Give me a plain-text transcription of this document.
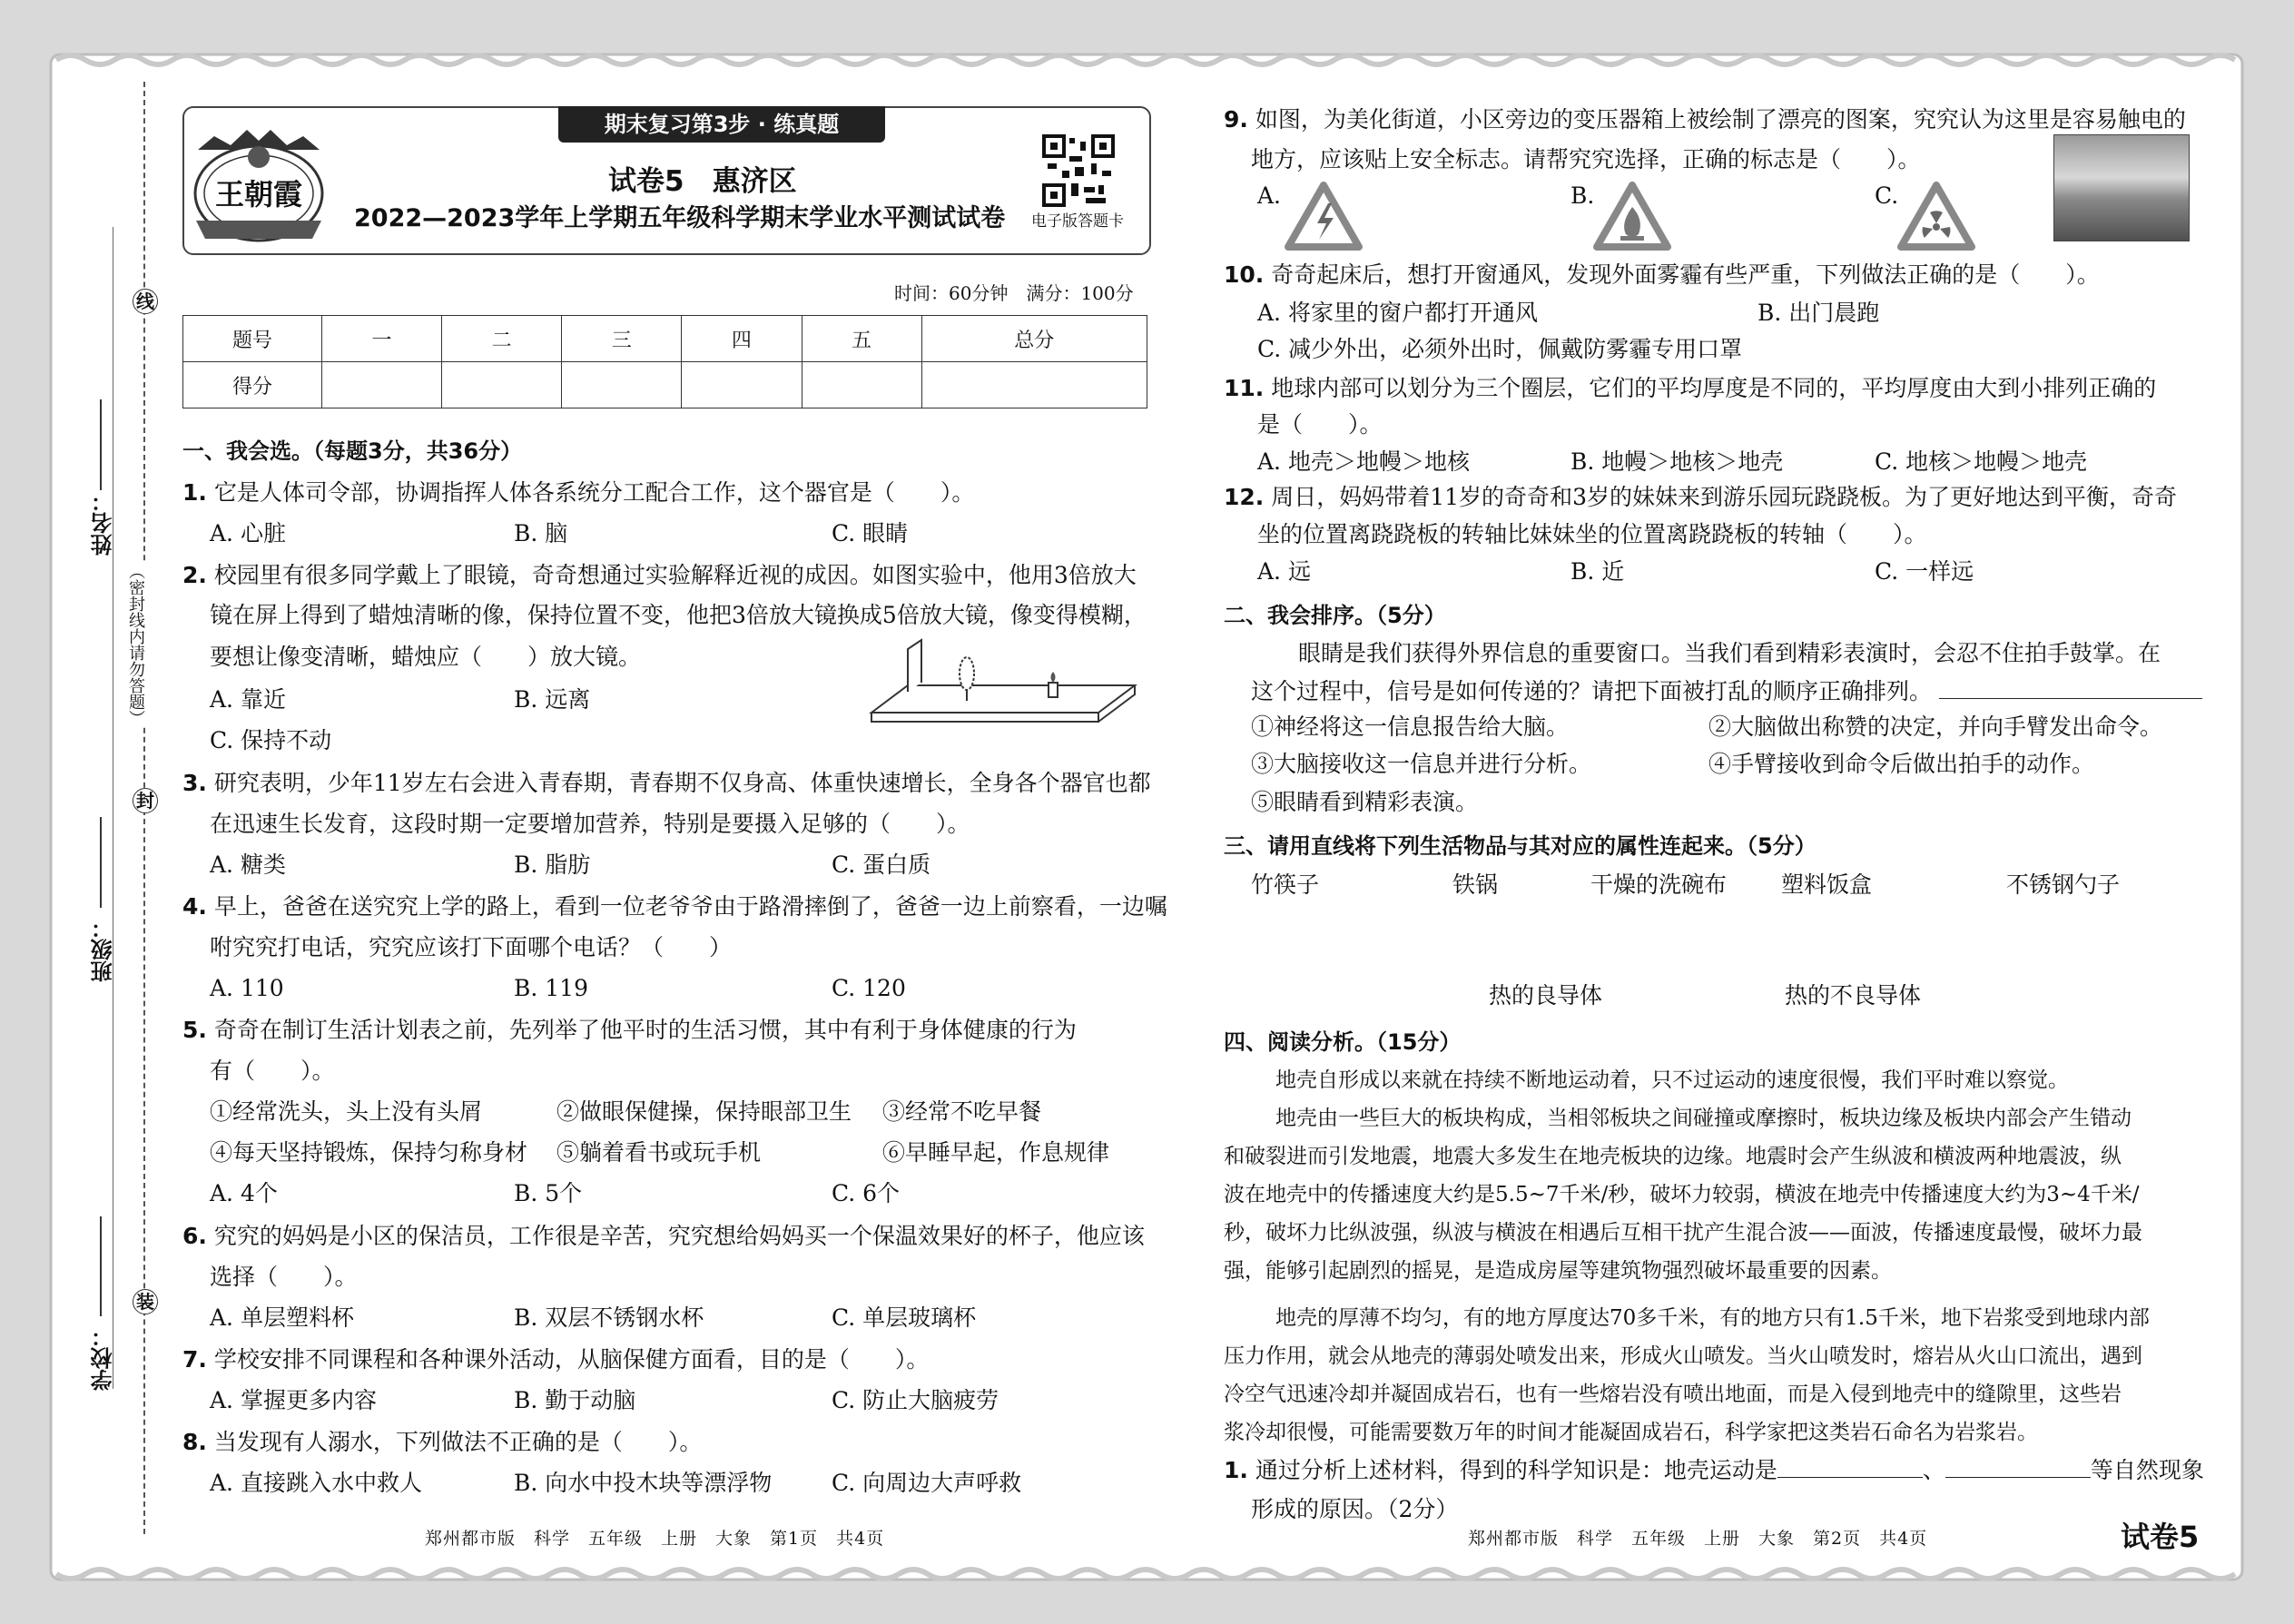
姓名：
班级：
学校：
线
封
装
（密封线内请勿答题）
王朝霞
期末复习第3步 · 练真题
试卷5　惠济区
2022—2023学年上学期五年级科学期末学业水平测试试卷 电子版答题卡
时间：60分钟　满分：100分
题号	一	二	三	四	五	总分
得分						
一、我会选。（每题3分，共36分）
1. 它是人体司令部，协调指挥人体各系统分工配合工作，这个器官是（　　）。
A. 心脏	B. 脑	C. 眼睛
2. 校园里有很多同学戴上了眼镜，奇奇想通过实验解释近视的成因。如图实验中，他用3倍放大
镜在屏上得到了蜡烛清晰的像，保持位置不变，他把3倍放大镜换成5倍放大镜，像变得模糊，
要想让像变清晰，蜡烛应（　　）放大镜。
A. 靠近	B. 远离
C. 保持不动
3. 研究表明，少年11岁左右会进入青春期，青春期不仅身高、体重快速增长，全身各个器官也都
在迅速生长发育，这段时期一定要增加营养，特别是要摄入足够的（　　）。
A. 糖类	B. 脂肪	C. 蛋白质
4. 早上，爸爸在送究究上学的路上，看到一位老爷爷由于路滑摔倒了，爸爸一边上前察看，一边嘱
咐究究打电话，究究应该打下面哪个电话？（　　）
A. 110	B. 119	C. 120
5. 奇奇在制订生活计划表之前，先列举了他平时的生活习惯，其中有利于身体健康的行为
有（　　）。
①经常洗头，头上没有头屑	②做眼保健操，保持眼部卫生 ③经常不吃早餐
④每天坚持锻炼，保持匀称身材 ⑤躺着看书或玩手机	⑥早睡早起，作息规律
A. 4个	B. 5个	C. 6个
6. 究究的妈妈是小区的保洁员，工作很是辛苦，究究想给妈妈买一个保温效果好的杯子，他应该
选择（　　）。
A. 单层塑料杯	B. 双层不锈钢水杯	C. 单层玻璃杯
7. 学校安排不同课程和各种课外活动，从脑保健方面看，目的是（　　）。
A. 掌握更多内容	B. 勤于动脑	C. 防止大脑疲劳
8. 当发现有人溺水，下列做法不正确的是（　　）。
A. 直接跳入水中救人	B. 向水中投木块等漂浮物	C. 向周边大声呼救
郑州都市版　科学　五年级　上册　大象　第1页　共4页
9. 如图，为美化街道，小区旁边的变压器箱上被绘制了漂亮的图案，究究认为这里是容易触电的
地方，应该贴上安全标志。请帮究究选择，正确的标志是（　　）。
A.	B.	C.
10. 奇奇起床后，想打开窗通风，发现外面雾霾有些严重，下列做法正确的是（　　）。
A. 将家里的窗户都打开通风	B. 出门晨跑
C. 减少外出，必须外出时，佩戴防雾霾专用口罩
11. 地球内部可以划分为三个圈层，它们的平均厚度是不同的，平均厚度由大到小排列正确的
是（　　）。
A. 地壳＞地幔＞地核	B. 地幔＞地核＞地壳	C. 地核＞地幔＞地壳
12. 周日，妈妈带着11岁的奇奇和3岁的妹妹来到游乐园玩跷跷板。为了更好地达到平衡，奇奇
坐的位置离跷跷板的转轴比妹妹坐的位置离跷跷板的转轴（　　）。
A. 远	B. 近	C. 一样远
二、我会排序。（5分）
眼睛是我们获得外界信息的重要窗口。当我们看到精彩表演时，会忍不住拍手鼓掌。在
这个过程中，信号是如何传递的？请把下面被打乱的顺序正确排列。
①神经将这一信息报告给大脑。	②大脑做出称赞的决定，并向手臂发出命令。
③大脑接收这一信息并进行分析。	④手臂接收到命令后做出拍手的动作。
⑤眼睛看到精彩表演。
三、请用直线将下列生活物品与其对应的属性连起来。（5分）
竹筷子	铁锅	干燥的洗碗布 塑料饭盒	不锈钢勺子
热的良导体	热的不良导体
四、阅读分析。（15分）
地壳自形成以来就在持续不断地运动着，只不过运动的速度很慢，我们平时难以察觉。
地壳由一些巨大的板块构成，当相邻板块之间碰撞或摩擦时，板块边缘及板块内部会产生错动
和破裂进而引发地震，地震大多发生在地壳板块的边缘。地震时会产生纵波和横波两种地震波，纵
波在地壳中的传播速度大约是5.5~7千米/秒，破坏力较弱，横波在地壳中传播速度大约为3~4千米/
秒，破坏力比纵波强，纵波与横波在相遇后互相干扰产生混合波——面波，传播速度最慢，破坏力最
强，能够引起剧烈的摇晃，是造成房屋等建筑物强烈破坏最重要的因素。
地壳的厚薄不均匀，有的地方厚度达70多千米，有的地方只有1.5千米，地下岩浆受到地球内部
压力作用，就会从地壳的薄弱处喷发出来，形成火山喷发。当火山喷发时，熔岩从火山口流出，遇到
冷空气迅速冷却并凝固成岩石，也有一些熔岩没有喷出地面，而是入侵到地壳中的缝隙里，这些岩
浆冷却很慢，可能需要数万年的时间才能凝固成岩石，科学家把这类岩石命名为岩浆岩。
1. 通过分析上述材料，得到的科学知识是：地壳运动是	、	等自然现象
形成的原因。（2分）
郑州都市版　科学　五年级　上册　大象　第2页　共4页	试卷5
